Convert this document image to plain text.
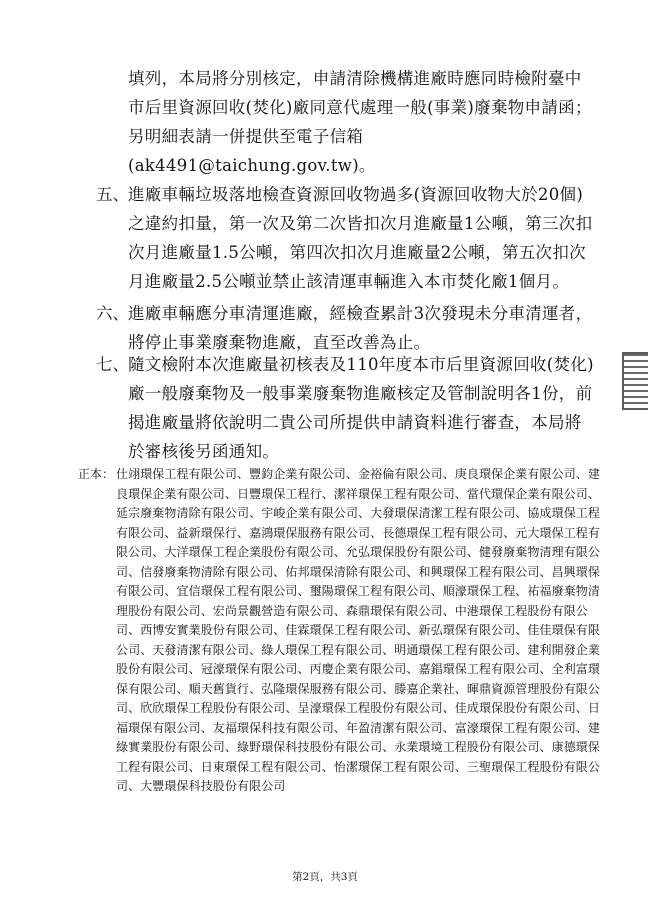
填列，本局將分別核定，申請清除機構進廠時應同時檢附臺中市后里資源回收(焚化)廠同意代處理一般(事業)廢棄物申請函；另明細表請一併提供至電子信箱(ak4491@taichung.gov.tw)。
五、 進廠車輛垃圾落地檢查資源回收物過多(資源回收物大於20個)之違約扣量，第一次及第二次皆扣次月進廠量1公噸，第三次扣次月進廠量1.5公噸，第四次扣次月進廠量2公噸，第五次扣次月進廠量2.5公噸並禁止該清運車輛進入本市焚化廠1個月。
六、 進廠車輛應分車清運進廠，經檢查累計3次發現未分車清運者，將停止事業廢棄物進廠，直至改善為止。
七、 隨文檢附本次進廠量初核表及110年度本市后里資源回收(焚化)廠一般廢棄物及一般事業廢棄物進廠核定及管制說明各1份，前揭進廠量將依說明二貴公司所提供申請資料進行審查，本局將於審核後另函通知。
正本： 仕翊環保工程有限公司、豐鈞企業有限公司、金裕倫有限公司、庚良環保企業有限公司、建良環保企業有限公司、日豐環保工程行、潔祥環保工程有限公司、當代環保企業有限公司、延宗廢棄物清除有限公司、宇峻企業有限公司、大發環保清潔工程有限公司、協成環保工程有限公司、益新環保行、嘉鴻環保服務有限公司、長德環保工程有限公司、元大環保工程有限公司、大洋環保工程企業股份有限公司、允弘環保股份有限公司、健發廢棄物清理有限公司、信發廢棄物清除有限公司、佑邦環保清除有限公司、和興環保工程有限公司、昌興環保有限公司、宜信環保工程有限公司、璽陽環保工程有限公司、順濠環保工程、祐福廢棄物清理股份有限公司、宏尚景觀營造有限公司、森鼎環保有限公司、中港環保工程股份有限公司、西博安實業股份有限公司、佳霖環保工程有限公司、新弘環保有限公司、佳佳環保有限公司、天發清潔有限公司、綠人環保工程有限公司、明通環保工程有限公司、建利開發企業股份有限公司、冠濠環保有限公司、丙慶企業有限公司、嘉錩環保工程有限公司、全利富環保有限公司、順天舊貨行、弘隆環保服務有限公司、滕嘉企業社、暉鼎資源管理股份有限公司、欣欣環保工程股份有限公司、呈濠環保工程股份有限公司、佳成環保股份有限公司、日福環保有限公司、友福環保科技有限公司、年盈清潔有限公司、富濠環保工程有限公司、建綠實業股份有限公司、綠野環保科技股份有限公司、永業環境工程股份有限公司、康德環保工程有限公司、日東環保工程有限公司、怡潔環保工程有限公司、三聖環保工程股份有限公司、大豐環保科技股份有限公司
第2頁，共3頁
